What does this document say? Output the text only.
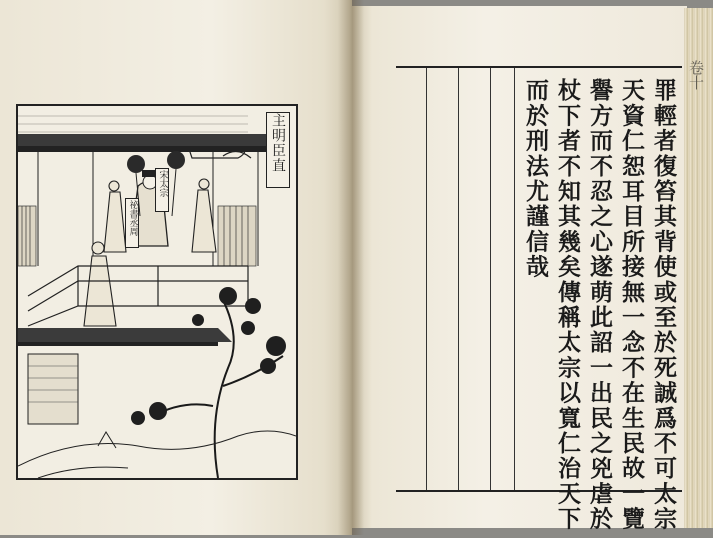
主明臣直
宋太宗
祕書丞周	而於刑法尤謹信哉 杖下者不知其幾矣傳稱太宗以寬仁治天下 譽方而不忍之心遂萌此詔一出民之兇虐於 天資仁恕耳目所接無一念不在生民故一覽 罪輕者復笞其背使或至於死誠爲不可太宗
卷十
